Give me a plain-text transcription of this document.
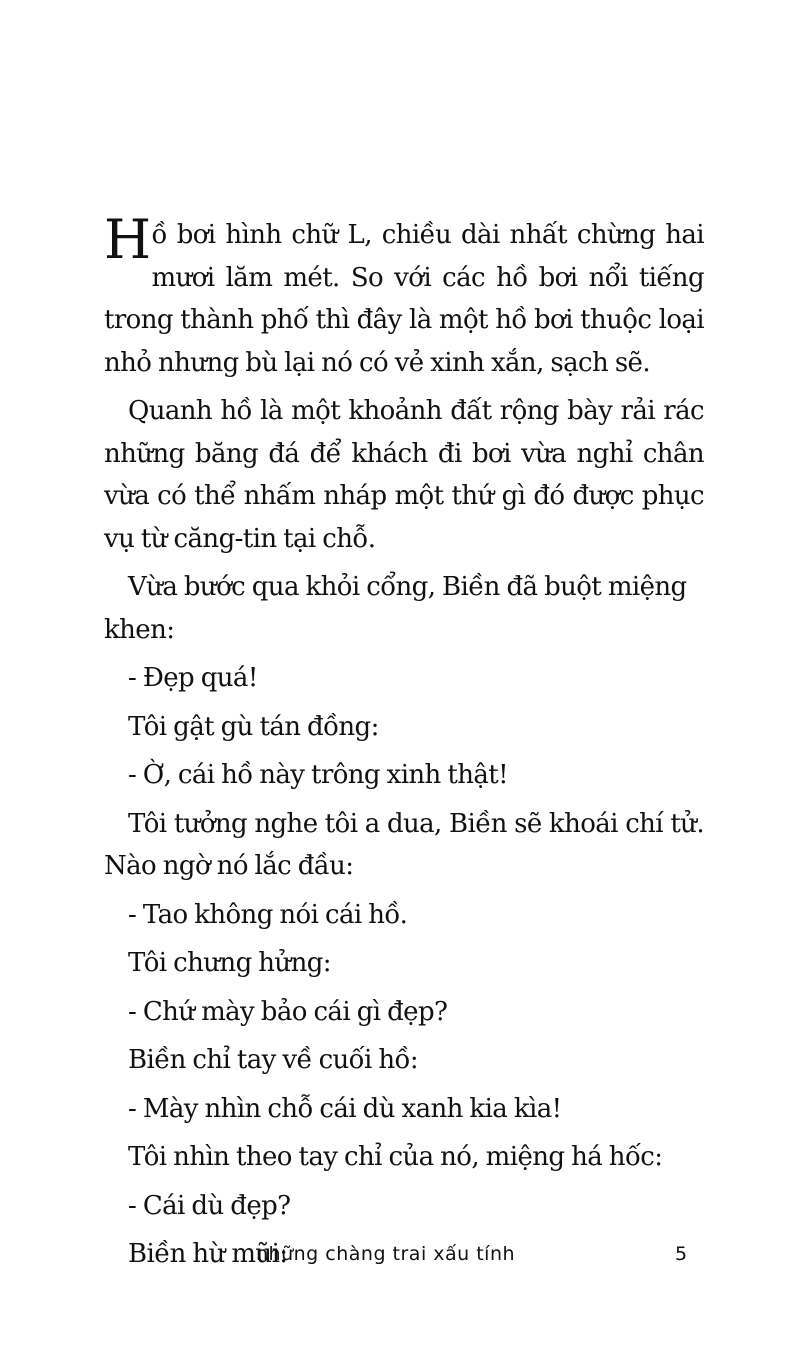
Hồ bơi hình chữ L, chiều dài nhất chừng hai mươi lăm mét. So với các hồ bơi nổi tiếng trong thành phố thì đây là một hồ bơi thuộc loại nhỏ nhưng bù lại nó có vẻ xinh xắn, sạch sẽ.

Quanh hồ là một khoảnh đất rộng bày rải rác những băng đá để khách đi bơi vừa nghỉ chân vừa có thể nhấm nháp một thứ gì đó được phục vụ từ căng-tin tại chỗ.

Vừa bước qua khỏi cổng, Biền đã buột miệng khen:

- Đẹp quá!

Tôi gật gù tán đồng:

- Ờ, cái hồ này trông xinh thật!

Tôi tưởng nghe tôi a dua, Biền sẽ khoái chí tử. Nào ngờ nó lắc đầu:

- Tao không nói cái hồ.

Tôi chưng hửng:

- Chứ mày bảo cái gì đẹp?

Biền chỉ tay về cuối hồ:

- Mày nhìn chỗ cái dù xanh kia kìa!

Tôi nhìn theo tay chỉ của nó, miệng há hốc:

- Cái dù đẹp?

Biền hừ mũi:

những chàng trai xấu tính	5
